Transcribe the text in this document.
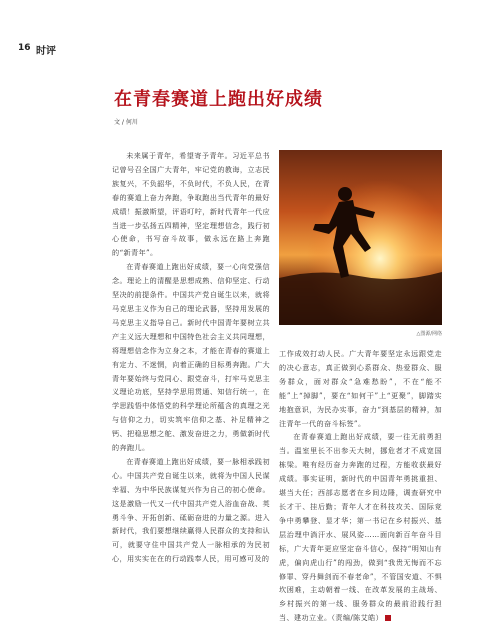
16 时评
在青春赛道上跑出好成绩
文 / 何川

未来属于青年，希望寄予青年。习近平总书记曾号召全国广大青年，牢记党的教诲，立志民族复兴，不负韶华，不负时代，不负人民，在青春的赛道上奋力奔跑，争取跑出当代青年的最好成绩！振激斯望，评语叮咛，新时代青年一代应当进一步弘扬五四精神，坚定理想信念，践行初心使命，书写奋斗故事，做永远在路上奔跑的“新青年”。

在青春赛道上跑出好成绩，要一心向党强信念。理论上的清醒是思想成熟、信仰坚定、行动坚决的前提条件。中国共产党自诞生以来，就将马克思主义作为自己的理论武器，坚持用发展的马克思主义指导自己。新时代中国青年要树立共产主义远大理想和中国特色社会主义共同理想，将理想信念作为立身之本，才能在青春的赛道上有定力、不迷惘，向着正确的目标勇奔跑。广大青年要始终与党同心、跟党奋斗，打牢马克思主义理论功底，坚持学思用贯通、知信行统一，在学思践悟中体悟党的科学理论所蕴含的真理之光与信仰之力，切实筑牢信仰之基、补足精神之钙、把稳思想之舵、激发奋进之力，勇做新时代的奔跑儿。

在青春赛道上跑出好成绩，要一脉相承践初心。中国共产党自诞生以来，就将为中国人民谋幸福、为中华民族谋复兴作为自己的初心使命。这是激励一代又一代中国共产党人浴血奋战、英勇斗争、开拓创新、砥砺奋进的力量之源。进入新时代，我们要想继续赢得人民群众的支持和认可，就要守住中国共产党人一脉相承的为民初心，用实实在在的行动践奉人民，用可感可及的

△图源/网络

工作成效打动人民。广大青年要坚定永远跟党走的决心意志，真正做到心系群众、热爱群众、服务群众，面对群众“急难愁盼”，不在“能不能”上“掉脚”，要在“如何干”上“更聚”，脚踏实地抱意识，为民办实事，奋力“到基层的精神，加注青年一代的奋斗标签”。

在青春赛道上跑出好成绩，要一往无前勇担当。温室里长不出参天大树，挪危者才不成宽国栋梁。唯有经历奋力奔跑的过程，方能收获最好成绩。事实证明，新时代的中国青年勇挑重担、堪当大任；西部志愿者在乡间边陲，调查研究中长才干、挂后勤；青年人才在科技攻关、国际竞争中勇攀登、显才华；第一书记在乡村振兴、基层治理中淌汗水、展风姿……面向新百年奋斗目标，广大青年更应坚定奋斗信心，保持“明知山有虎，偏向虎山行”的闯劲，做到“我贵无悔而不忘修罪、穿丹舞剑而不春老命”，不管国安道、不惧坎困难，主动朝着一线、在改革发展的主战场、乡村振兴的第一线、服务群众的最前沿践行担当、建功立业。（责编/陈艾皓）
